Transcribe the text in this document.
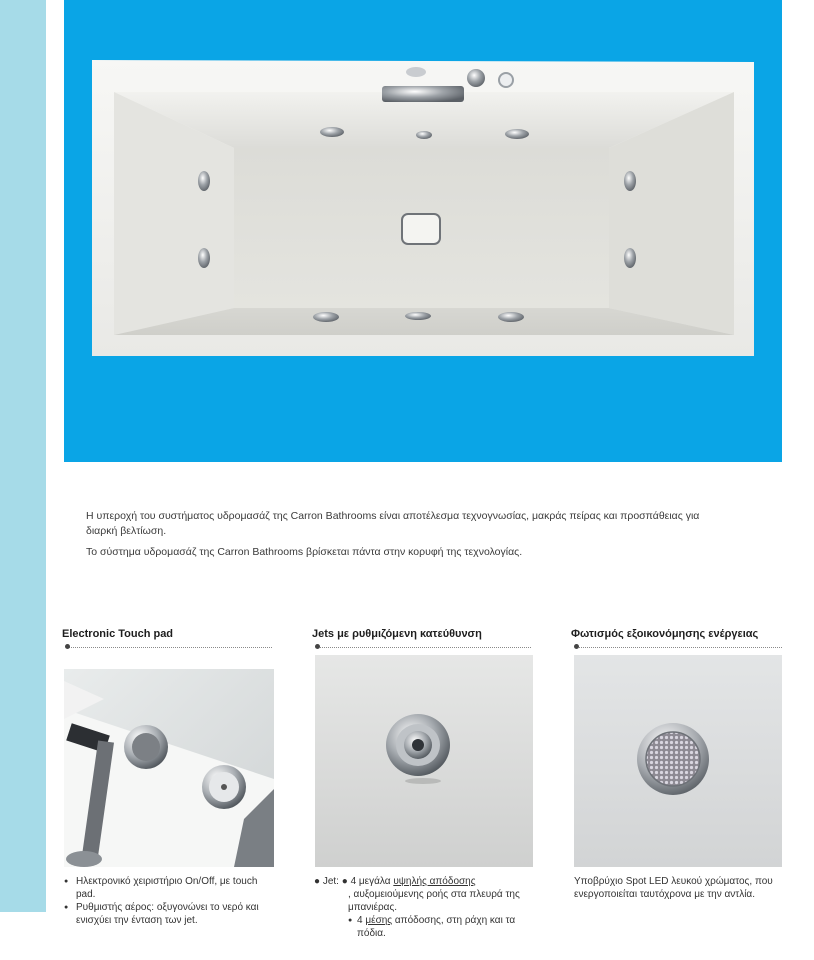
Η υπεροχή του συστήματος υδρομασάζ της Carron Bathrooms είναι αποτέλεσμα τεχνογνωσίας, μακράς πείρας και προσπάθειας για διαρκή βελτίωση.

Το σύστημα υδρομασάζ της Carron Bathrooms βρίσκεται πάντα στην κορυφή της τεχνολογίας.

Electronic Touch pad
● Ηλεκτρονικό χειριστήριο On/Off, με touch pad.
● Ρυθμιστής αέρος: οξυγονώνει το νερό και ενισχύει την ένταση των jet.
Jets με ρυθμιζόμενη κατεύθυνση
● Jet: ● 4 μεγάλα υψηλής απόδοσης
, αυξομειούμενης ροής στα πλευρά της μπανιέρας.
● 4 μέσης απόδοσης, στη ράχη και τα πόδια.
Φωτισμός εξοικονόμησης ενέργειας
Υποβρύχιο Spot LED λευκού χρώματος, που ενεργοποιείται ταυτόχρονα με την αντλία.
